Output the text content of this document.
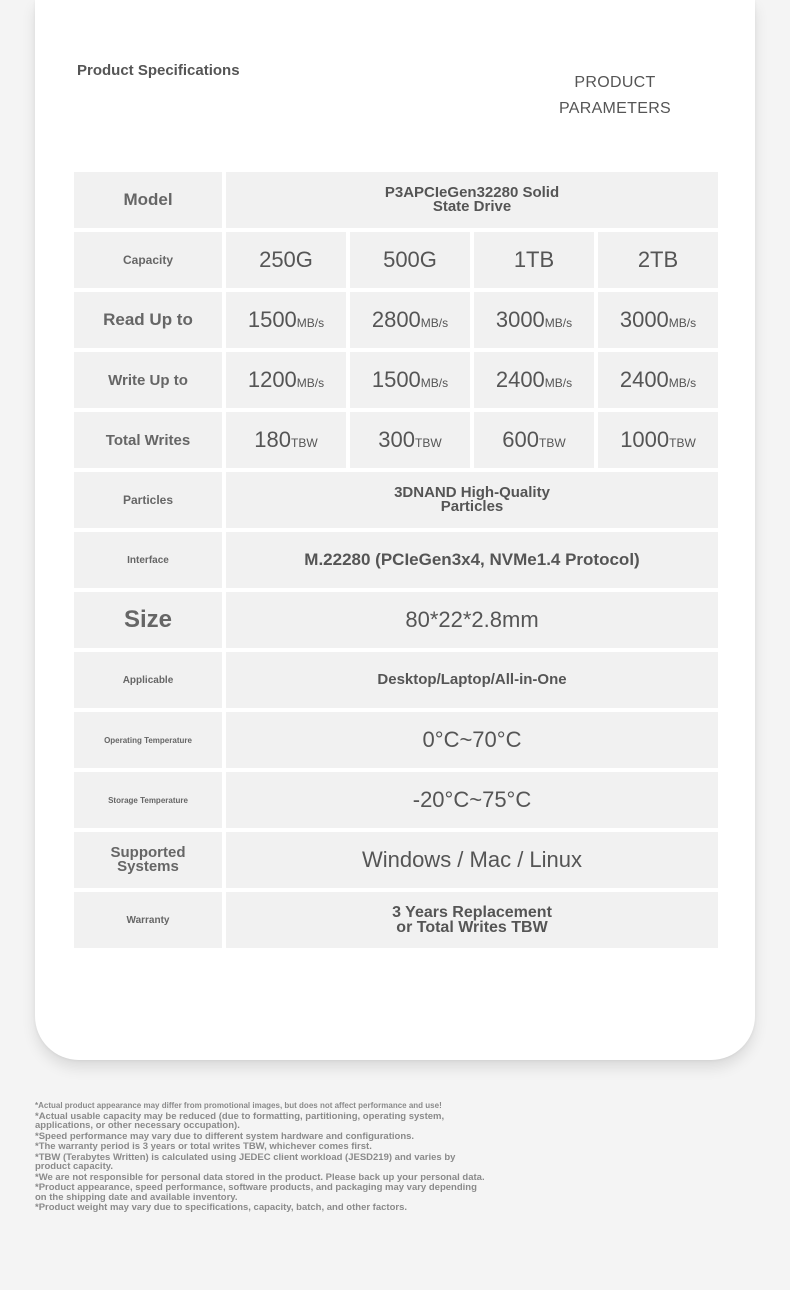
Product Specifications
PRODUCT
PARAMETERS
Model	P3APCIeGen32280 Solid
State Drive			
Capacity	250G	500G	1TB	2TB
Read Up to	1500MB/s	2800MB/s	3000MB/s	3000MB/s
Write Up to	1200MB/s	1500MB/s	2400MB/s	2400MB/s
Total Writes	180TBW	300TBW	600TBW	1000TBW
Particles	3DNAND High-Quality
Particles			
Interface	M.22280 (PCIeGen3x4, NVMe1.4 Protocol)			
Size	80*22*2.8mm			
Applicable	Desktop/Laptop/All-in-One			
Operating Temperature	0°C~70°C			
Storage Temperature	-20°C~75°C			
Supported
Systems	Windows / Mac / Linux			
Warranty	3 Years Replacement
or Total Writes TBW			
*Actual product appearance may differ from promotional images, but does not affect performance and use!
*Actual usable capacity may be reduced (due to formatting, partitioning, operating system, applications, or other necessary occupation).
*Speed performance may vary due to different system hardware and configurations.
*The warranty period is 3 years or total writes TBW, whichever comes first.
*TBW (Terabytes Written) is calculated using JEDEC client workload (JESD219) and varies by product capacity.
*We are not responsible for personal data stored in the product. Please back up your personal data.
*Product appearance, speed performance, software products, and packaging may vary depending on the shipping date and available inventory.
*Product weight may vary due to specifications, capacity, batch, and other factors.
